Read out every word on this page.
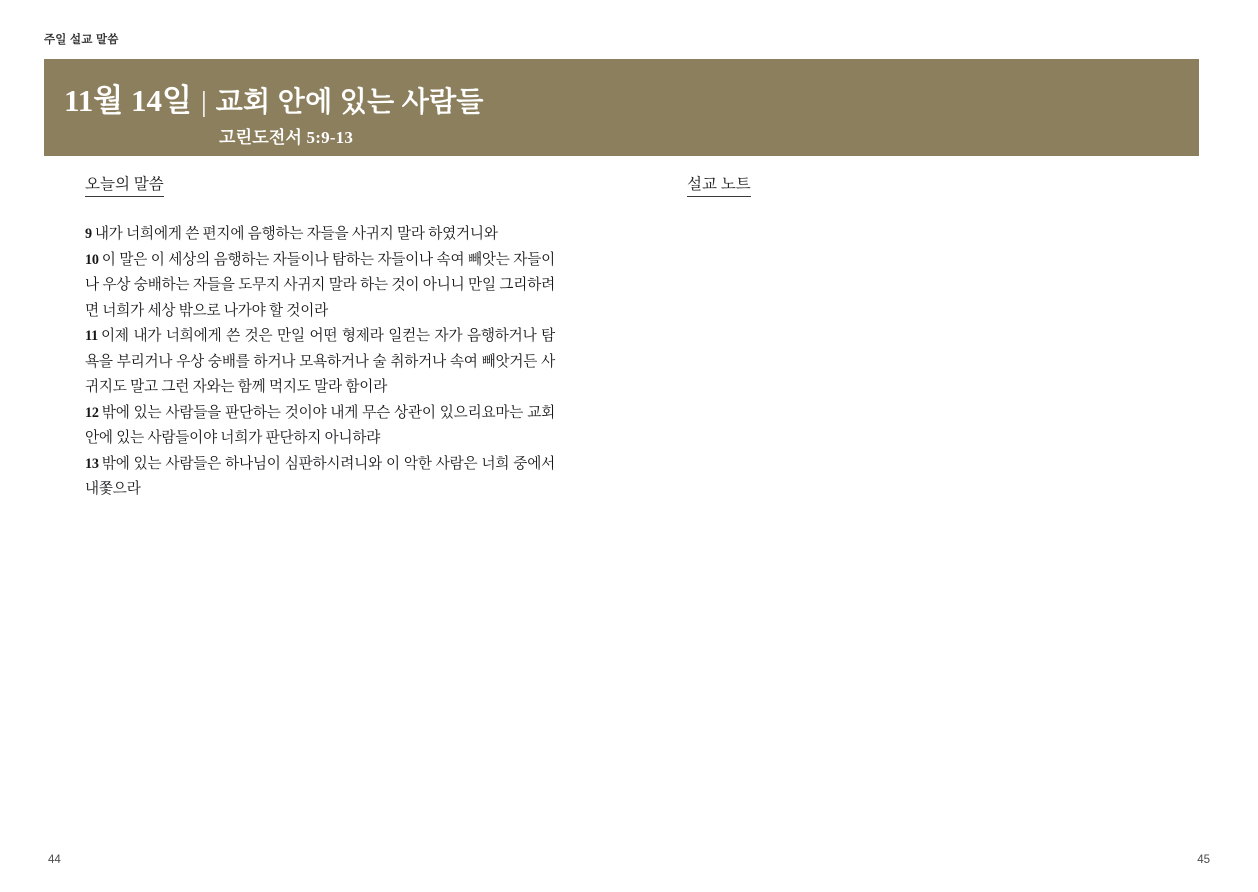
주일 설교 말씀
11월 14일 | 교회 안에 있는 사람들
고린도전서 5:9-13
오늘의 말씀
9 내가 너희에게 쓴 편지에 음행하는 자들을 사귀지 말라 하였거니와
10 이 말은 이 세상의 음행하는 자들이나 탐하는 자들이나 속여 빼앗는 자들이나 우상 숭배하는 자들을 도무지 사귀지 말라 하는 것이 아니니 만일 그리하려면 너희가 세상 밖으로 나가야 할 것이라
11 이제 내가 너희에게 쓴 것은 만일 어떤 형제라 일컫는 자가 음행하거나 탐욕을 부리거나 우상 숭배를 하거나 모욕하거나 술 취하거나 속여 빼앗거든 사귀지도 말고 그런 자와는 함께 먹지도 말라 함이라
12 밖에 있는 사람들을 판단하는 것이야 내게 무슨 상관이 있으리요마는 교회 안에 있는 사람들이야 너희가 판단하지 아니하랴
13 밖에 있는 사람들은 하나님이 심판하시려니와 이 악한 사람은 너희 중에서 내쫓으라
설교 노트
44	45
